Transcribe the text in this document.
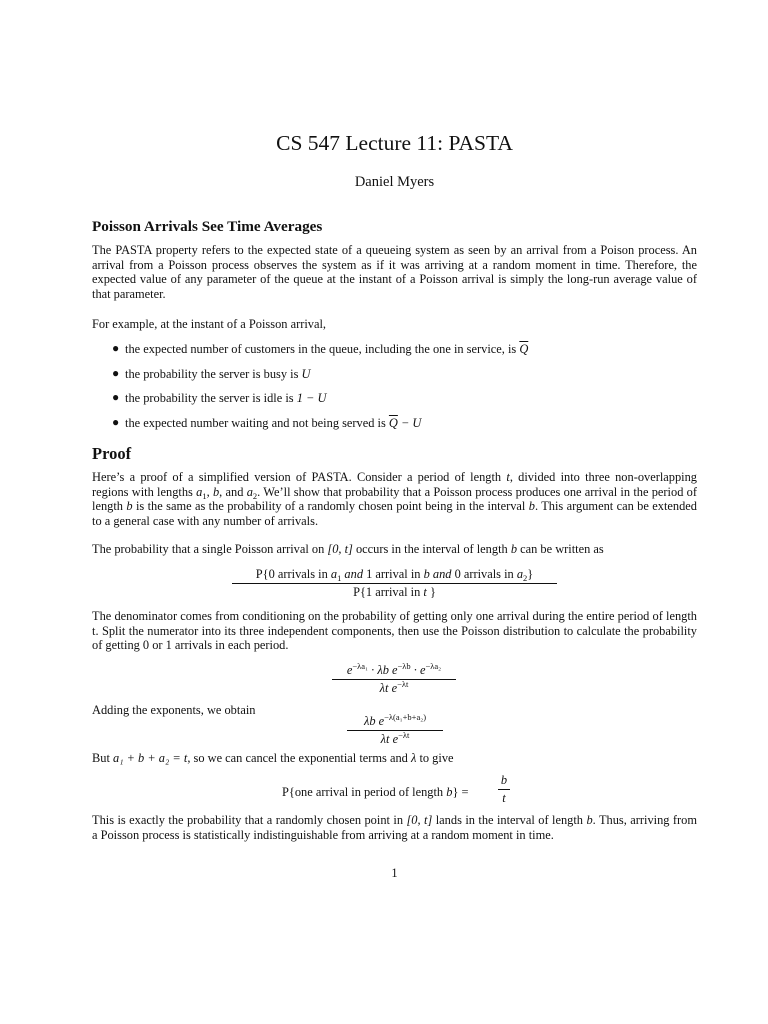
CS 547 Lecture 11: PASTA
Daniel Myers
Poisson Arrivals See Time Averages
The PASTA property refers to the expected state of a queueing system as seen by an arrival from a Poison process. An arrival from a Poisson process observes the system as if it was arriving at a random moment in time. Therefore, the expected value of any parameter of the queue at the instant of a Poisson arrival is simply the long-run average value of that parameter.
For example, at the instant of a Poisson arrival,
● the expected number of customers in the queue, including the one in service, is $\overline{Q}$
● the probability the server is busy is U
● the probability the server is idle is 1 − U
● the expected number waiting and not being served is $\overline{Q} - U$
Proof
Here’s a proof of a simplified version of PASTA. Consider a period of length t, divided into three non-overlapping regions with lengths $a_1$, b, and $a_2$. We’ll show that probability that a Poisson process produces one arrival in the period of length b is the same as the probability of a randomly chosen point being in the interval b. This argument can be extended to a general case with any number of arrivals.
The probability that a single Poisson arrival on [0, t] occurs in the interval of length b can be written as
P{0 arrivals in $a_1$ and 1 arrival in b and 0 arrivals in $a_2$}
P{1 arrival in t }
The denominator comes from conditioning on the probability of getting only one arrival during the entire period of length t. Split the numerator into its three independent components, then use the Poisson distribution to calculate the probability of getting 0 or 1 arrivals in each period.
$\frac{e^{-\lambda a_1} \cdot \lambda b e^{-\lambda b} \cdot e^{-\lambda a_2}}{\lambda t e^{-\lambda t}}$
Adding the exponents, we obtain
$\frac{\lambda b e^{-\lambda(a_1+b+a_2)}}{\lambda t e^{-\lambda t}}$
But a₁ + b + a₂ = t, so we can cancel the exponential terms and λ to give
P{one arrival in period of length $b\} = \frac{b}{t}$
This is exactly the probability that a randomly chosen point in [0, t] lands in the interval of length b. Thus, arriving from a Poisson process is statistically indistinguishable from arriving at a random moment in time.
1
